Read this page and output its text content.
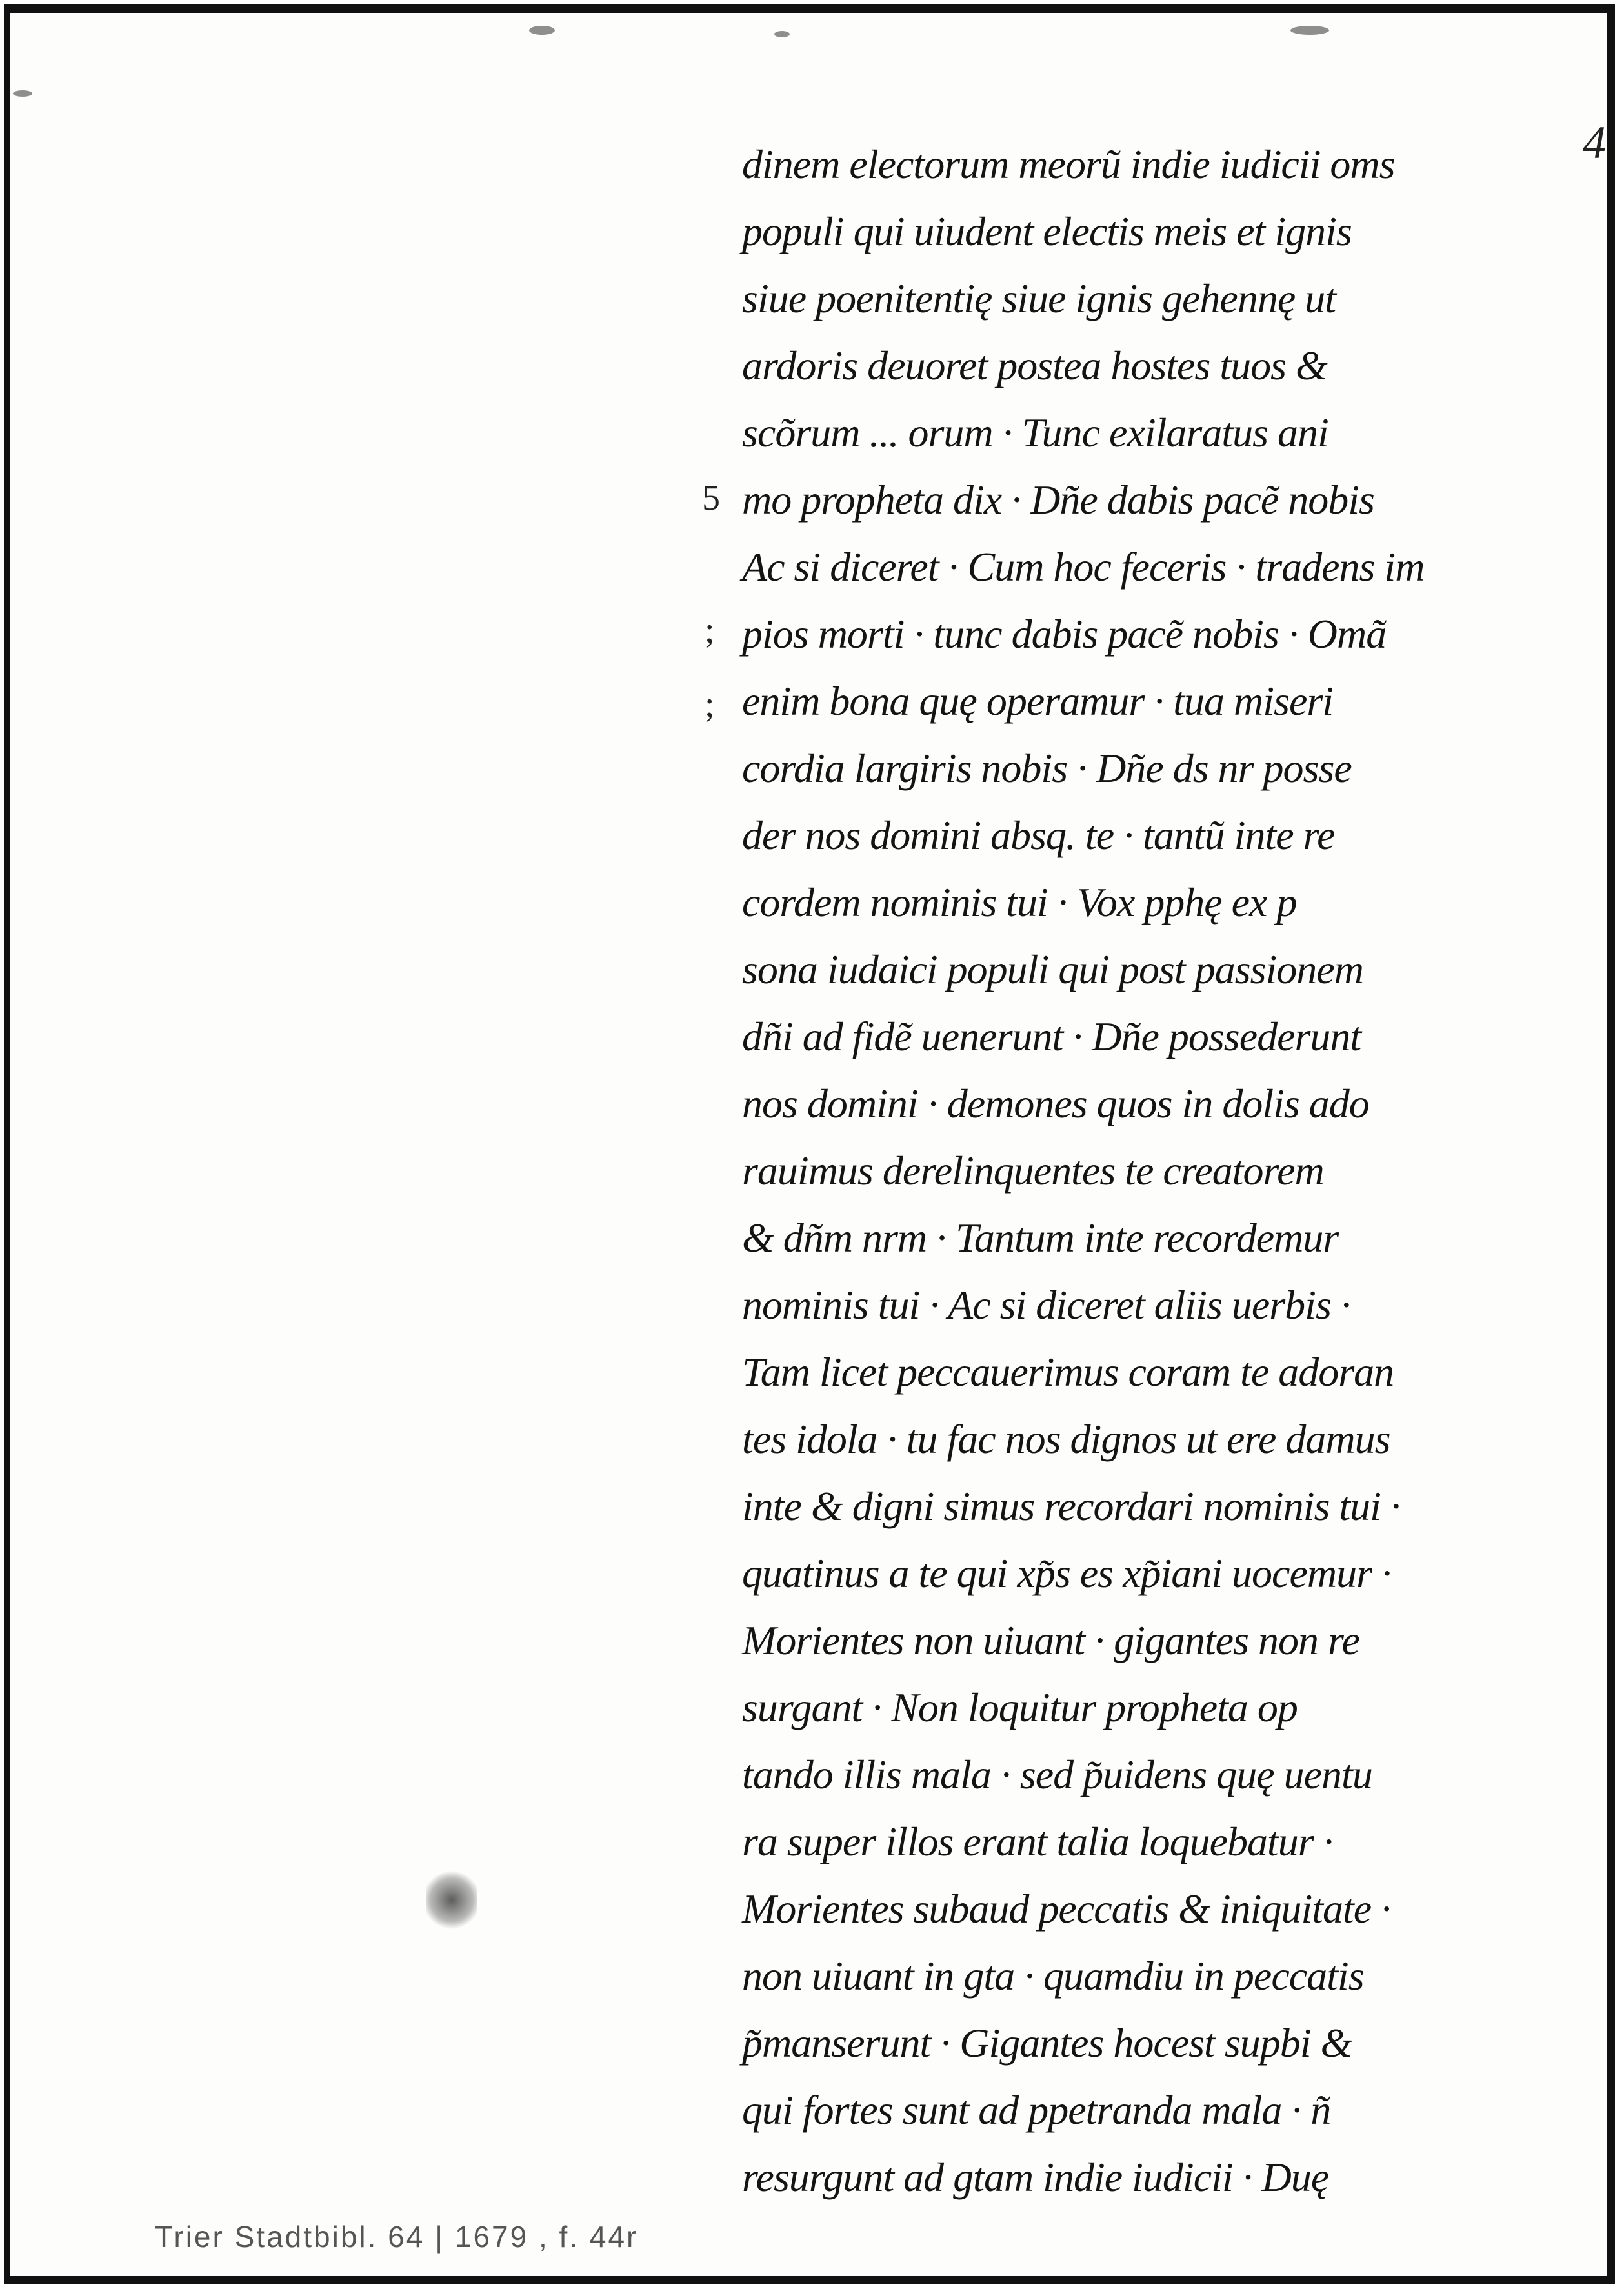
4
dinem electorum meorũ indie iudicii oms
populi qui uiudent electis meis et ignis
siue poenitentię siue ignis gehennę ut
ardoris deuoret postea hostes tuos &
scõrum ... orum · Tunc exilaratus ani
mo propheta dix · Dñe dabis pacẽ nobis
Ac si diceret · Cum hoc feceris · tradens im
pios morti · tunc dabis pacẽ nobis · Omã
enim bona quę operamur · tua miseri
cordia largiris nobis · Dñe ds nr posse
der nos domini absq. te · tantũ inte re
cordem nominis tui · Vox pphę ex p
sona iudaici populi qui post passionem
dñi ad fidẽ uenerunt · Dñe possederunt
nos domini · demones quos in dolis ado
rauimus derelinquentes te creatorem
& dñm nrm · Tantum inte recordemur
nominis tui · Ac si diceret aliis uerbis ·
Tam licet peccauerimus coram te adoran
tes idola · tu fac nos dignos ut ere damus
inte & digni simus recordari nominis tui ·
quatinus a te qui xp̃s es xp̃iani uocemur ·
Morientes non uiuant · gigantes non re
surgant · Non loquitur propheta op
tando illis mala · sed p̃uidens quę uentu
ra super illos erant talia loquebatur ·
Morientes subaud peccatis & iniquitate ·
non uiuant in gta · quamdiu in peccatis
p̃manserunt · Gigantes hocest supbi &
qui fortes sunt ad ppetranda mala · ñ
resurgunt ad gtam indie iudicii · Duę
5
;
;
Trier Stadtbibl. 64 | 1679 , f. 44r
